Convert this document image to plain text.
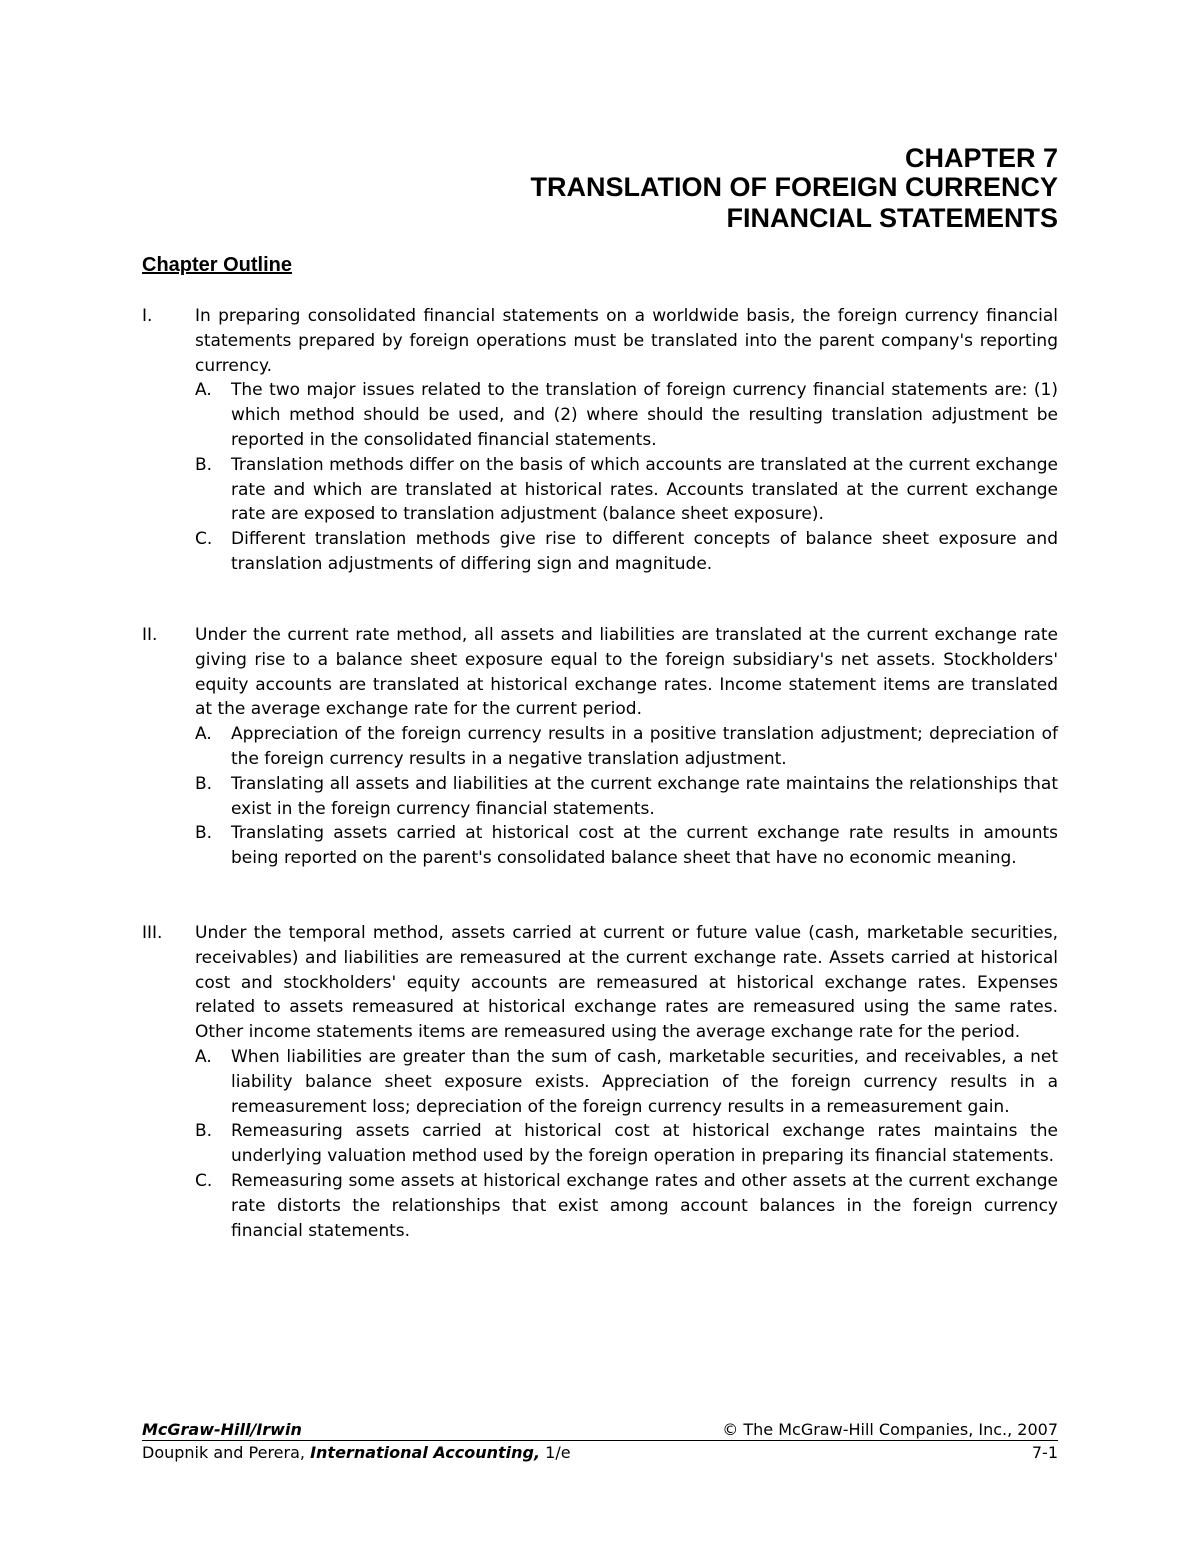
CHAPTER 7
TRANSLATION OF FOREIGN CURRENCY
FINANCIAL STATEMENTS
Chapter Outline
I.	In preparing consolidated financial statements on a worldwide basis, the foreign currency financial statements prepared by foreign operations must be translated into the parent company's reporting currency.
A. The two major issues related to the translation of foreign currency financial statements are: (1) which method should be used, and (2) where should the resulting translation adjustment be reported in the consolidated financial statements.
B. Translation methods differ on the basis of which accounts are translated at the current exchange rate and which are translated at historical rates. Accounts translated at the current exchange rate are exposed to translation adjustment (balance sheet exposure).
C. Different translation methods give rise to different concepts of balance sheet exposure and translation adjustments of differing sign and magnitude.
II. Under the current rate method, all assets and liabilities are translated at the current exchange rate giving rise to a balance sheet exposure equal to the foreign subsidiary's net assets. Stockholders' equity accounts are translated at historical exchange rates. Income statement items are translated at the average exchange rate for the current period.
A. Appreciation of the foreign currency results in a positive translation adjustment; depreciation of the foreign currency results in a negative translation adjustment.
B. Translating all assets and liabilities at the current exchange rate maintains the relationships that exist in the foreign currency financial statements.
B. Translating assets carried at historical cost at the current exchange rate results in amounts being reported on the parent's consolidated balance sheet that have no economic meaning.
III. Under the temporal method, assets carried at current or future value (cash, marketable securities, receivables) and liabilities are remeasured at the current exchange rate. Assets carried at historical cost and stockholders' equity accounts are remeasured at historical exchange rates. Expenses related to assets remeasured at historical exchange rates are remeasured using the same rates. Other income statements items are remeasured using the average exchange rate for the period.
A. When liabilities are greater than the sum of cash, marketable securities, and receivables, a net liability balance sheet exposure exists. Appreciation of the foreign currency results in a remeasurement loss; depreciation of the foreign currency results in a remeasurement gain.
B. Remeasuring assets carried at historical cost at historical exchange rates maintains the underlying valuation method used by the foreign operation in preparing its financial statements.
C. Remeasuring some assets at historical exchange rates and other assets at the current exchange rate distorts the relationships that exist among account balances in the foreign currency financial statements.
McGraw-Hill/Irwin	© The McGraw-Hill Companies, Inc., 2007
Doupnik and Perera, International Accounting, 1/e	7-1
